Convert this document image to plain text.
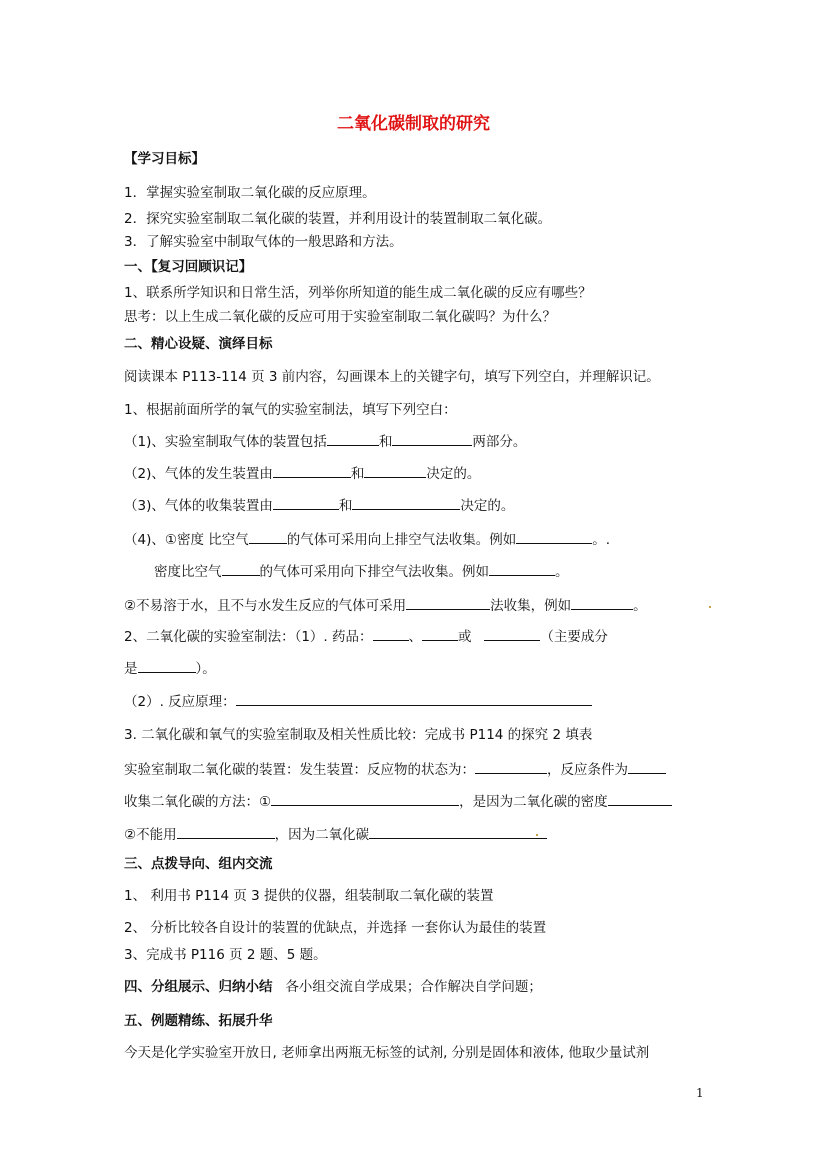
二氧化碳制取的研究
【学习目标】
1．掌握实验室制取二氧化碳的反应原理。
2．探究实验室制取二氧化碳的装置，并利用设计的装置制取二氧化碳。
3．了解实验室中制取气体的一般思路和方法。
一、【复习回顾识记】
1、联系所学知识和日常生活，列举你所知道的能生成二氧化碳的反应有哪些？
思考：以上生成二氧化碳的反应可用于实验室制取二氧化碳吗？为什么？
二、精心设疑、演绎目标
阅读课本 P113-114 页 3 前内容，勾画课本上的关键字句，填写下列空白，并理解识记。
1、根据前面所学的氧气的实验室制法，填写下列空白：
（1)、实验室制取气体的装置包括	和	两部分。
（2)、气体的发生装置由	和	决定的。
（3)、气体的收集装置由	和	决定的。
（4)、①密度 比空气	的气体可采用向上排空气法收集。例如	。.
密度比空气	的气体可采用向下排空气法收集。例如	。
②不易溶于水，且不与水发生反应的气体可采用	法收集，例如	。
2、二氧化碳的实验室制法：（1）. 药品：	、	或	（主要成分
是	）。
（2）. 反应原理：
3. 二氧化碳和氧气的实验室制取及相关性质比较：完成书 P114 的探究 2 填表
实验室制取二氧化碳的装置：发生装置：反应物的状态为：	，反应条件为
收集二氧化碳的方法：①	，是因为二氧化碳的密度
②不能用	，因为二氧化碳
三、点拨导向、组内交流
1、 利用书 P114 页 3 提供的仪器，组装制取二氧化碳的装置
2、 分析比较各自设计的装置的优缺点，并选择 一套你认为最佳的装置
3、完成书 P116 页 2 题、5 题。
四、分组展示、归纳小结 各小组交流自学成果；合作解决自学问题；
五、例题精练、拓展升华
今天是化学实验室开放日, 老师拿出两瓶无标签的试剂, 分别是固体和液体, 他取少量试剂
1
